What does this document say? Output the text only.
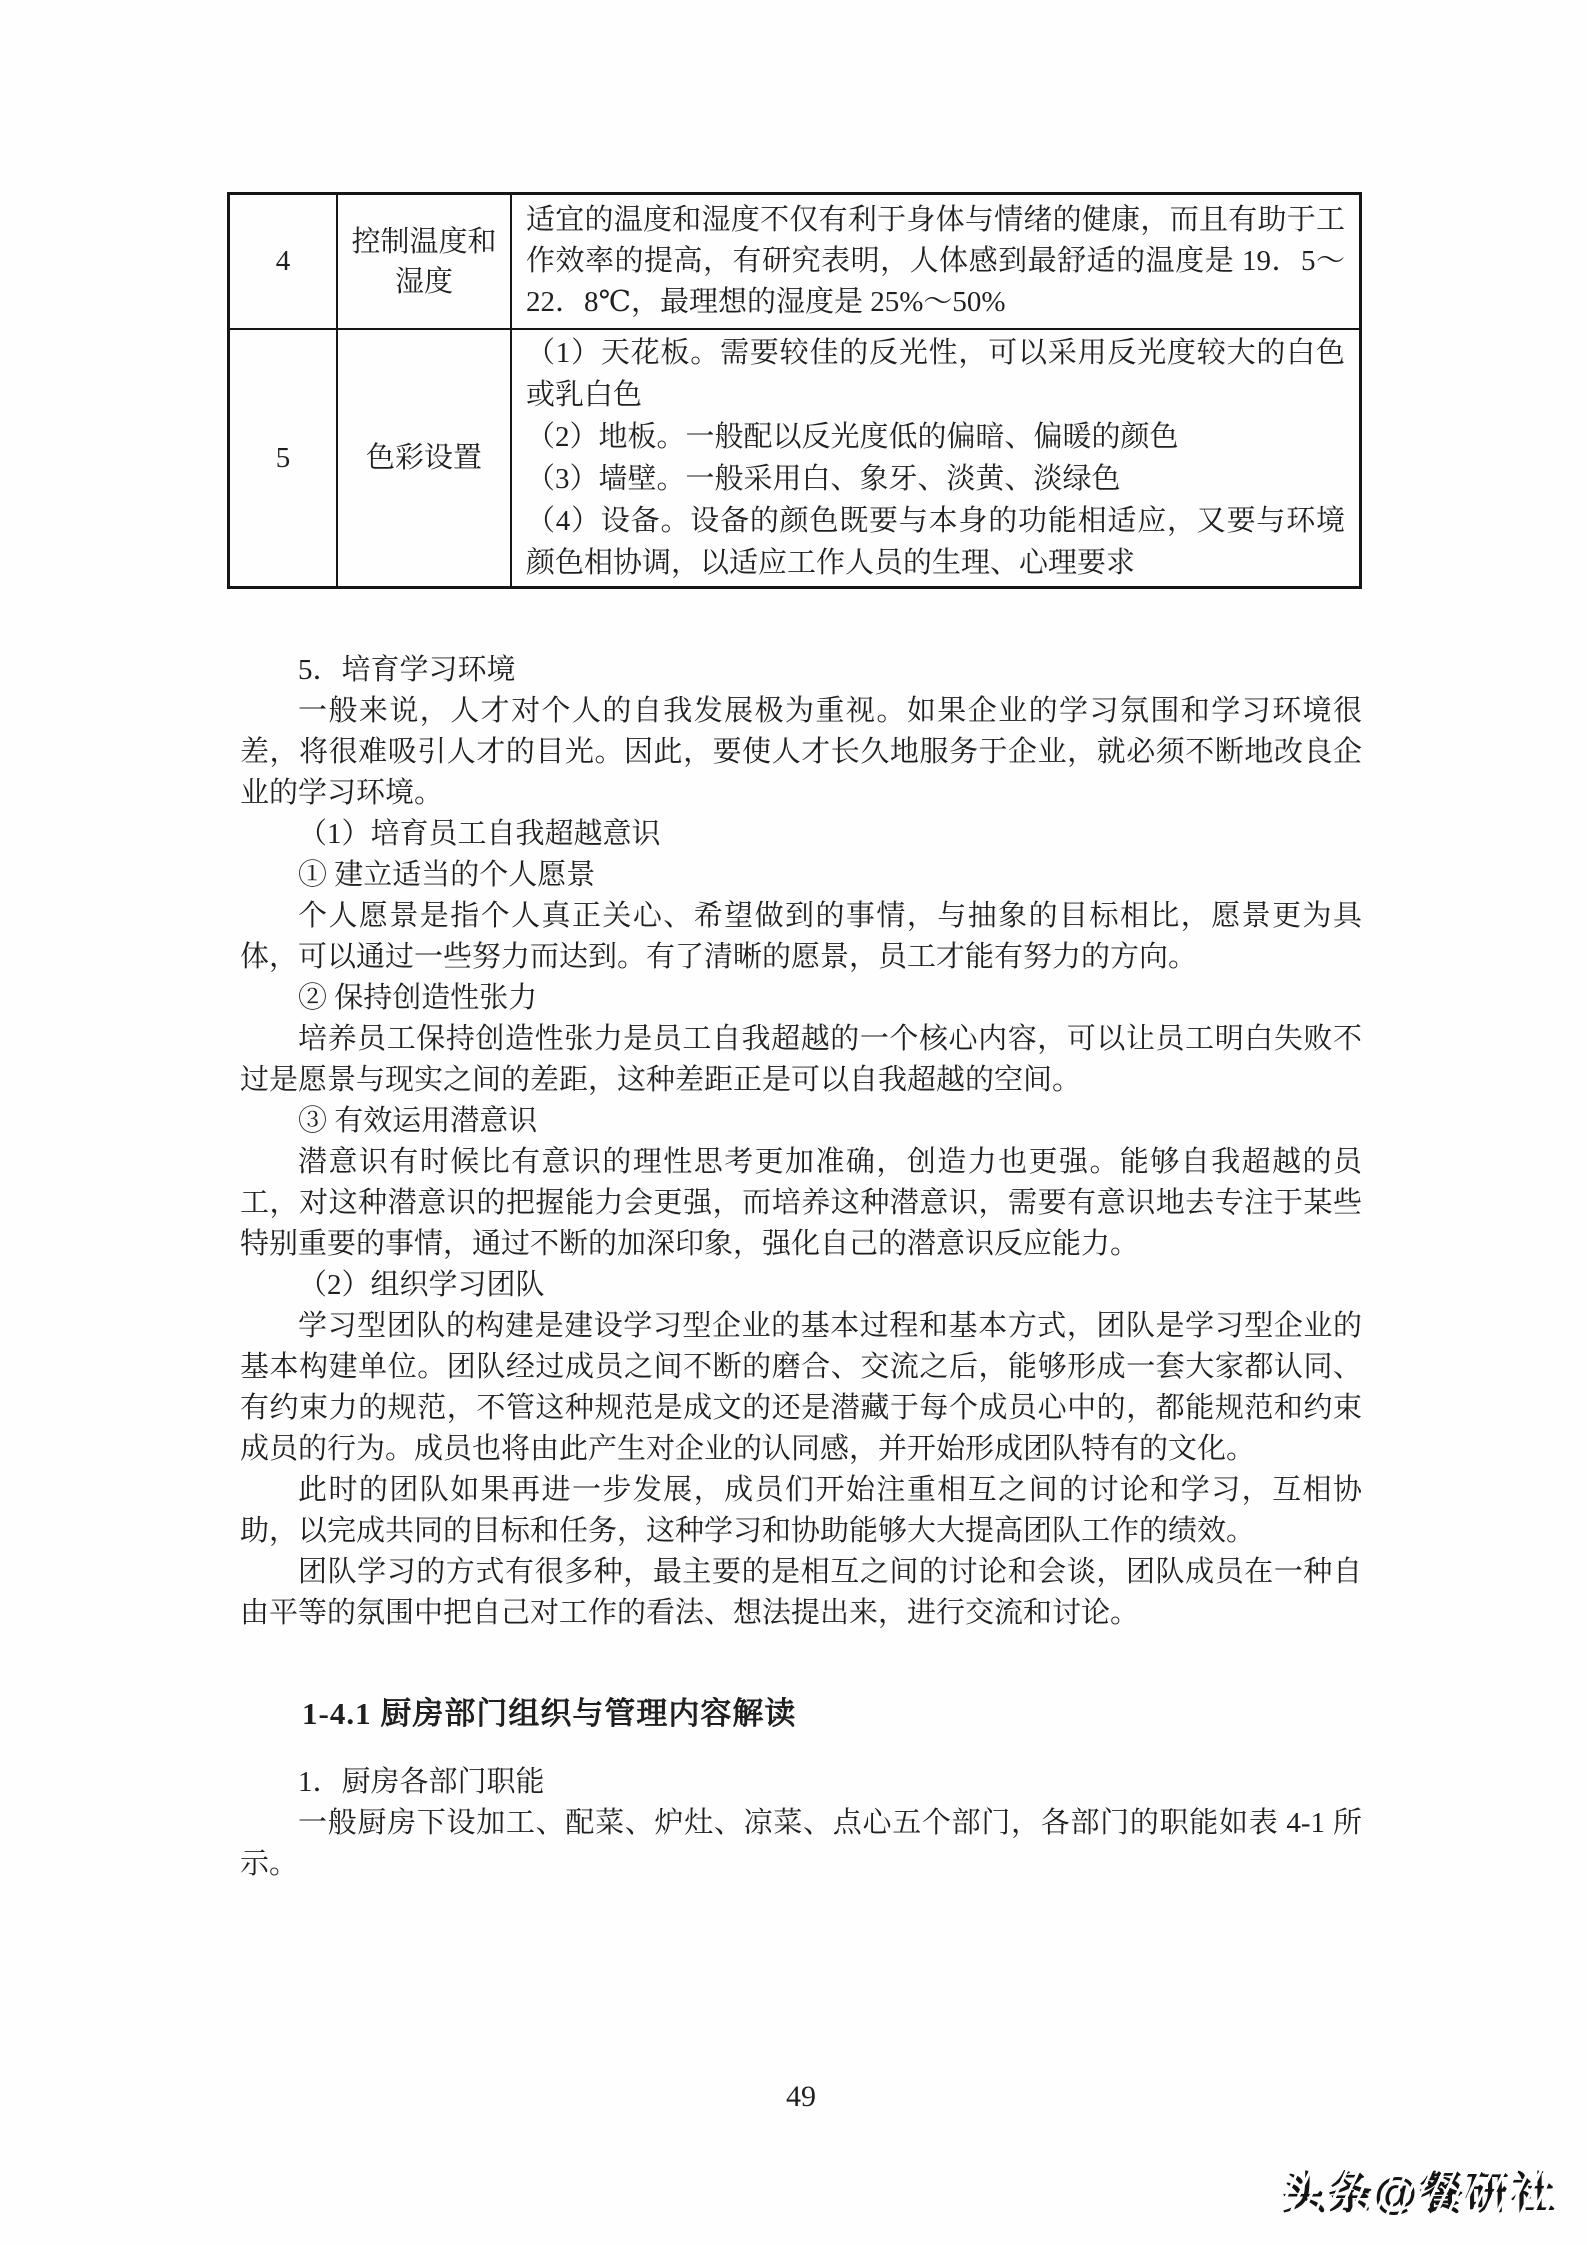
4	控制温度和湿度	适宜的温度和湿度不仅有利于身体与情绪的健康，而且有助于工作效率的提高，有研究表明，人体感到最舒适的温度是 19．5～22．8℃，最理想的湿度是 25%～50%
5	色彩设置	（1）天花板。需要较佳的反光性，可以采用反光度较大的白色或乳白色
（2）地板。一般配以反光度低的偏暗、偏暖的颜色
（3）墙壁。一般采用白、象牙、淡黄、淡绿色
（4）设备。设备的颜色既要与本身的功能相适应，又要与环境颜色相协调，以适应工作人员的生理、心理要求

5．培育学习环境

一般来说，人才对个人的自我发展极为重视。如果企业的学习氛围和学习环境很差，将很难吸引人才的目光。因此，要使人才长久地服务于企业，就必须不断地改良企业的学习环境。

（1）培育员工自我超越意识

① 建立适当的个人愿景

个人愿景是指个人真正关心、希望做到的事情，与抽象的目标相比，愿景更为具体，可以通过一些努力而达到。有了清晰的愿景，员工才能有努力的方向。

② 保持创造性张力

培养员工保持创造性张力是员工自我超越的一个核心内容，可以让员工明白失败不过是愿景与现实之间的差距，这种差距正是可以自我超越的空间。

③ 有效运用潜意识

潜意识有时候比有意识的理性思考更加准确，创造力也更强。能够自我超越的员工，对这种潜意识的把握能力会更强，而培养这种潜意识，需要有意识地去专注于某些特别重要的事情，通过不断的加深印象，强化自己的潜意识反应能力。

（2）组织学习团队

学习型团队的构建是建设学习型企业的基本过程和基本方式，团队是学习型企业的基本构建单位。团队经过成员之间不断的磨合、交流之后，能够形成一套大家都认同、有约束力的规范，不管这种规范是成文的还是潜藏于每个成员心中的，都能规范和约束成员的行为。成员也将由此产生对企业的认同感，并开始形成团队特有的文化。

此时的团队如果再进一步发展，成员们开始注重相互之间的讨论和学习，互相协助，以完成共同的目标和任务，这种学习和协助能够大大提高团队工作的绩效。

团队学习的方式有很多种，最主要的是相互之间的讨论和会谈，团队成员在一种自由平等的氛围中把自己对工作的看法、想法提出来，进行交流和讨论。

1-4.1 厨房部门组织与管理内容解读

1．厨房各部门职能

一般厨房下设加工、配菜、炉灶、凉菜、点心五个部门，各部门的职能如表 4-1 所示。

49
头条@餐研社
